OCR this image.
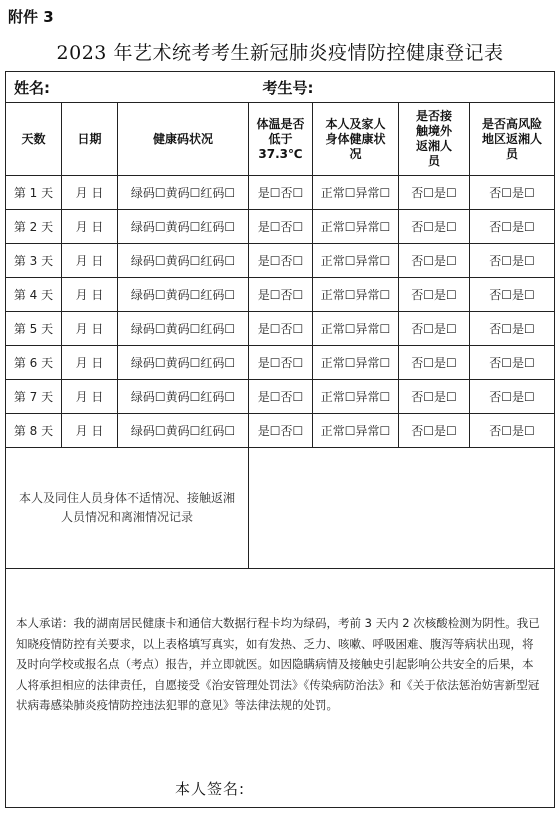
附件 3
2023 年艺术统考考生新冠肺炎疫情防控健康登记表
姓名:				考生号:		
天数	日期	健康码状况	体温是否低于37.3℃	本人及家人身体健康状况	是否接触境外返湘人员	是否高风险地区返湘人员
第 1 天	月 日	绿码☐黄码☐红码☐	是☐否☐	正常☐异常☐	否☐是☐	否☐是☐
第 2 天	月 日	绿码☐黄码☐红码☐	是☐否☐	正常☐异常☐	否☐是☐	否☐是☐
第 3 天	月 日	绿码☐黄码☐红码☐	是☐否☐	正常☐异常☐	否☐是☐	否☐是☐
第 4 天	月 日	绿码☐黄码☐红码☐	是☐否☐	正常☐异常☐	否☐是☐	否☐是☐
第 5 天	月 日	绿码☐黄码☐红码☐	是☐否☐	正常☐异常☐	否☐是☐	否☐是☐
第 6 天	月 日	绿码☐黄码☐红码☐	是☐否☐	正常☐异常☐	否☐是☐	否☐是☐
第 7 天	月 日	绿码☐黄码☐红码☐	是☐否☐	正常☐异常☐	否☐是☐	否☐是☐
第 8 天	月 日	绿码☐黄码☐红码☐	是☐否☐	正常☐异常☐	否☐是☐	否☐是☐
本人及同住人员身体不适情况、接触返湘人员情况和离湘情况记录						
本人承诺：我的湖南居民健康卡和通信大数据行程卡均为绿码，考前 3 天内 2 次核酸检测为阴性。我已知晓疫情防控有关要求，以上表格填写真实，如有发热、乏力、咳嗽、呼吸困难、腹泻等病状出现，将及时向学校或报名点（考点）报告，并立即就医。如因隐瞒病情及接触史引起影响公共安全的后果，本人将承担相应的法律责任，自愿接受《治安管理处罚法》《传染病防治法》和《关于依法惩治妨害新型冠状病毒感染肺炎疫情防控违法犯罪的意见》等法律法规的处罚。						
本人签名:
